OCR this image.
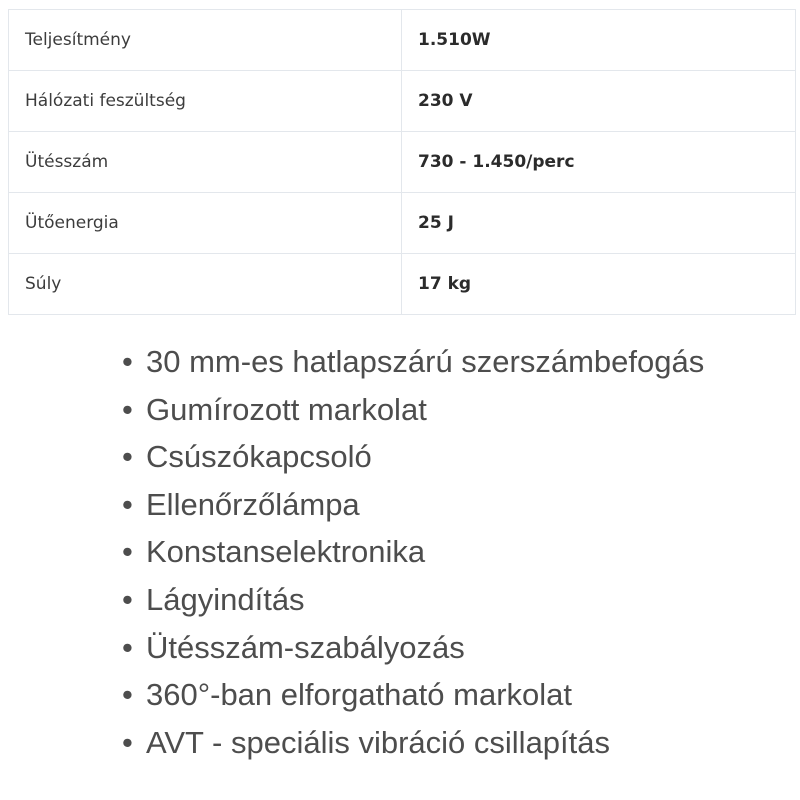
Teljesítmény	1.510W
Hálózati feszültség	230 V
Ütésszám	730 - 1.450/perc
Ütőenergia	25 J
Súly	17 kg
• 30 mm-es hatlapszárú szerszámbefogás
• Gumírozott markolat
• Csúszókapcsoló
• Ellenőrzőlámpa
• Konstanselektronika
• Lágyindítás
• Ütésszám-szabályozás
• 360°-ban elforgatható markolat
• AVT - speciális vibráció csillapítás
